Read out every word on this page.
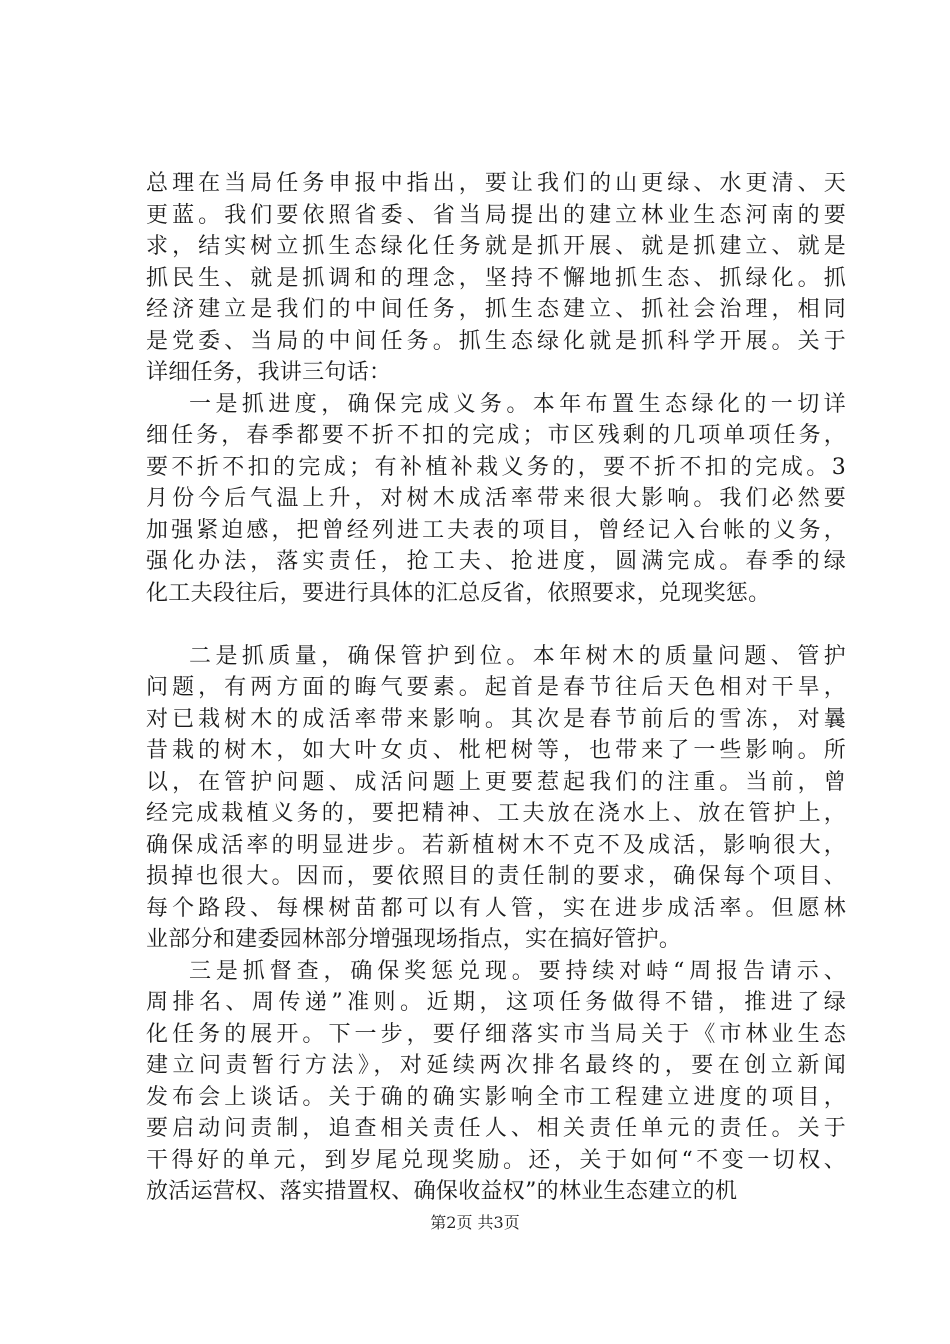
总理在当局任务申报中指出，要让我们的山更绿、水更清、天
更蓝。我们要依照省委、省当局提出的建立林业生态河南的要
求，结实树立抓生态绿化任务就是抓开展、就是抓建立、就是
抓民生、就是抓调和的理念，坚持不懈地抓生态、抓绿化。抓
经济建立是我们的中间任务，抓生态建立、抓社会治理，相同
是党委、当局的中间任务。抓生态绿化就是抓科学开展。关于
详细任务，我讲三句话：
一是抓进度，确保完成义务。本年布置生态绿化的一切详
细任务，春季都要不折不扣的完成；市区残剩的几项单项任务，
要不折不扣的完成；有补植补栽义务的，要不折不扣的完成。3
月份今后气温上升，对树木成活率带来很大影响。我们必然要
加强紧迫感，把曾经列进工夫表的项目，曾经记入台帐的义务，
强化办法，落实责任，抢工夫、抢进度，圆满完成。春季的绿
化工夫段往后，要进行具体的汇总反省，依照要求，兑现奖惩。
二是抓质量，确保管护到位。本年树木的质量问题、管护
问题，有两方面的晦气要素。起首是春节往后天色相对干旱，
对已栽树木的成活率带来影响。其次是春节前后的雪冻，对曩
昔栽的树木，如大叶女贞、枇杷树等，也带来了一些影响。所
以，在管护问题、成活问题上更要惹起我们的注重。当前，曾
经完成栽植义务的，要把精神、工夫放在浇水上、放在管护上，
确保成活率的明显进步。若新植树木不克不及成活，影响很大，
损掉也很大。因而，要依照目的责任制的要求，确保每个项目、
每个路段、每棵树苗都可以有人管，实在进步成活率。但愿林
业部分和建委园林部分增强现场指点，实在搞好管护。
三是抓督查，确保奖惩兑现。要持续对峙“周报告请示、
周排名、周传递”准则。近期，这项任务做得不错，推进了绿
化任务的展开。下一步，要仔细落实市当局关于《市林业生态
建立问责暂行方法》，对延续两次排名最终的，要在创立新闻
发布会上谈话。关于确的确实影响全市工程建立进度的项目，
要启动问责制，追查相关责任人、相关责任单元的责任。关于
干得好的单元，到岁尾兑现奖励。还，关于如何“不变一切权、
放活运营权、落实措置权、确保收益权”的林业生态建立的机
第2页 共3页
